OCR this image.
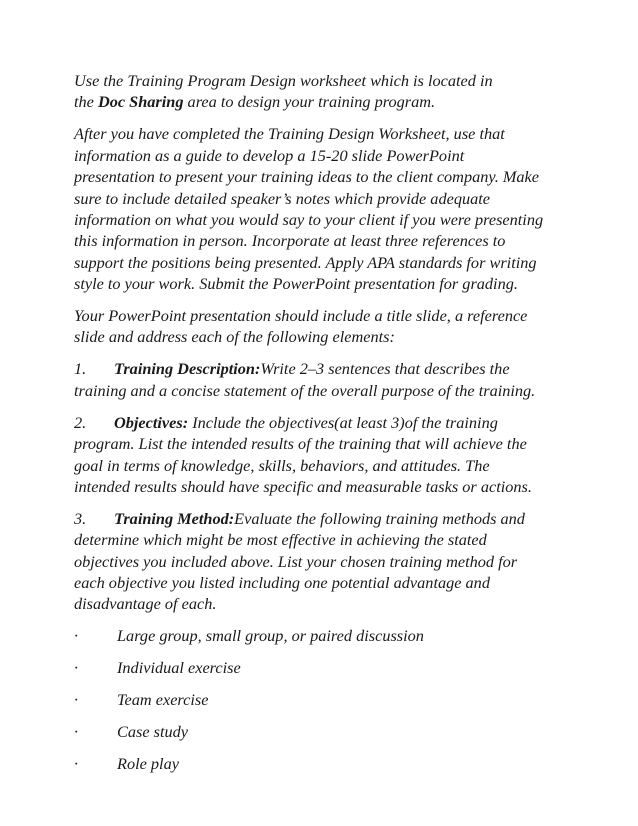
Use the Training Program Design worksheet which is located in
the Doc Sharing area to design your training program.

After you have completed the Training Design Worksheet, use that
information as a guide to develop a 15-20 slide PowerPoint
presentation to present your training ideas to the client company. Make
sure to include detailed speaker’s notes which provide adequate
information on what you would say to your client if you were presenting
this information in person. Incorporate at least three references to
support the positions being presented. Apply APA standards for writing
style to your work. Submit the PowerPoint presentation for grading.

Your PowerPoint presentation should include a title slide, a reference
slide and address each of the following elements:

1. Training Description:Write 2–3 sentences that describes the
training and a concise statement of the overall purpose of the training.

2. Objectives: Include the objectives(at least 3)of the training
program. List the intended results of the training that will achieve the
goal in terms of knowledge, skills, behaviors, and attitudes. The
intended results should have specific and measurable tasks or actions.

3. Training Method:Evaluate the following training methods and
determine which might be most effective in achieving the stated
objectives you included above. List your chosen training method for
each objective you listed including one potential advantage and
disadvantage of each.

· Large group, small group, or paired discussion

· Individual exercise

· Team exercise

· Case study

· Role play
